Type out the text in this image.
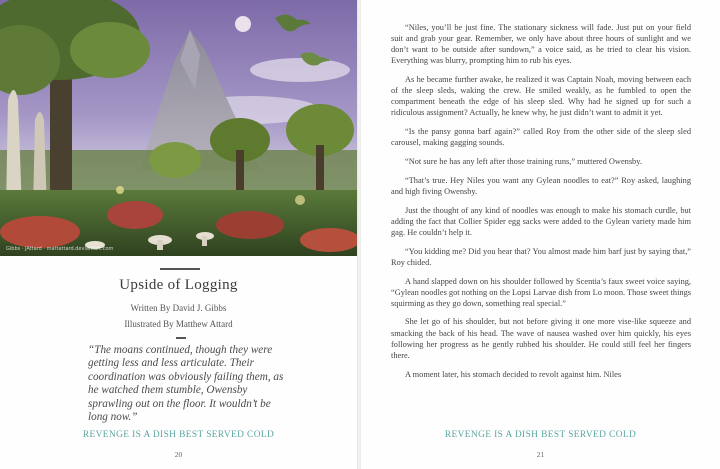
Gibbs · JAttard · mattattard.deviantart.com
Upside of Logging
Written By David J. Gibbs
Illustrated By Matthew Attard

“The moans continued, though they were getting less and less articulate. Their coordination was obviously failing them, as he watched them stumble, Owensby sprawling out on the floor. It wouldn’t be long now.”

REVENGE IS A DISH BEST SERVED COLD
20

“Niles, you’ll be just fine. The stationary sickness will fade. Just put on your field suit and grab your gear. Remember, we only have about three hours of sunlight and we don’t want to be outside after sundown,” a voice said, as he tried to clear his vision. Everything was blurry, prompting him to rub his eyes.

As he became further awake, he realized it was Captain Noah, moving between each of the sleep sleds, waking the crew. He smiled weakly, as he fumbled to open the compartment beneath the edge of his sleep sled. Why had he signed up for such a ridiculous assignment? Actually, he knew why, he just didn’t want to admit it yet.

“Is the pansy gonna barf again?” called Roy from the other side of the sleep sled carousel, making gagging sounds.

“Not sure he has any left after those training runs,” muttered Owensby.

“That’s true. Hey Niles you want any Gylean noodles to eat?” Roy asked, laughing and high fiving Owensby.

Just the thought of any kind of noodles was enough to make his stomach curdle, but adding the fact that Collier Spider egg sacks were added to the Gylean variety made him gag. He couldn’t help it.

“You kidding me? Did you hear that? You almost made him barf just by saying that,” Roy chided.

A hand slapped down on his shoulder followed by Scentia’s faux sweet voice saying, “Gylean noodles got nothing on the Lopsi Larvae dish from Lo moon. Those sweet things squirming as they go down, something real special.”

She let go of his shoulder, but not before giving it one more vise-like squeeze and smacking the back of his head. The wave of nausea washed over him quickly, his eyes following her progress as he gently rubbed his shoulder. He could still feel her fingers there.

A moment later, his stomach decided to revolt against him. Niles

REVENGE IS A DISH BEST SERVED COLD
21
